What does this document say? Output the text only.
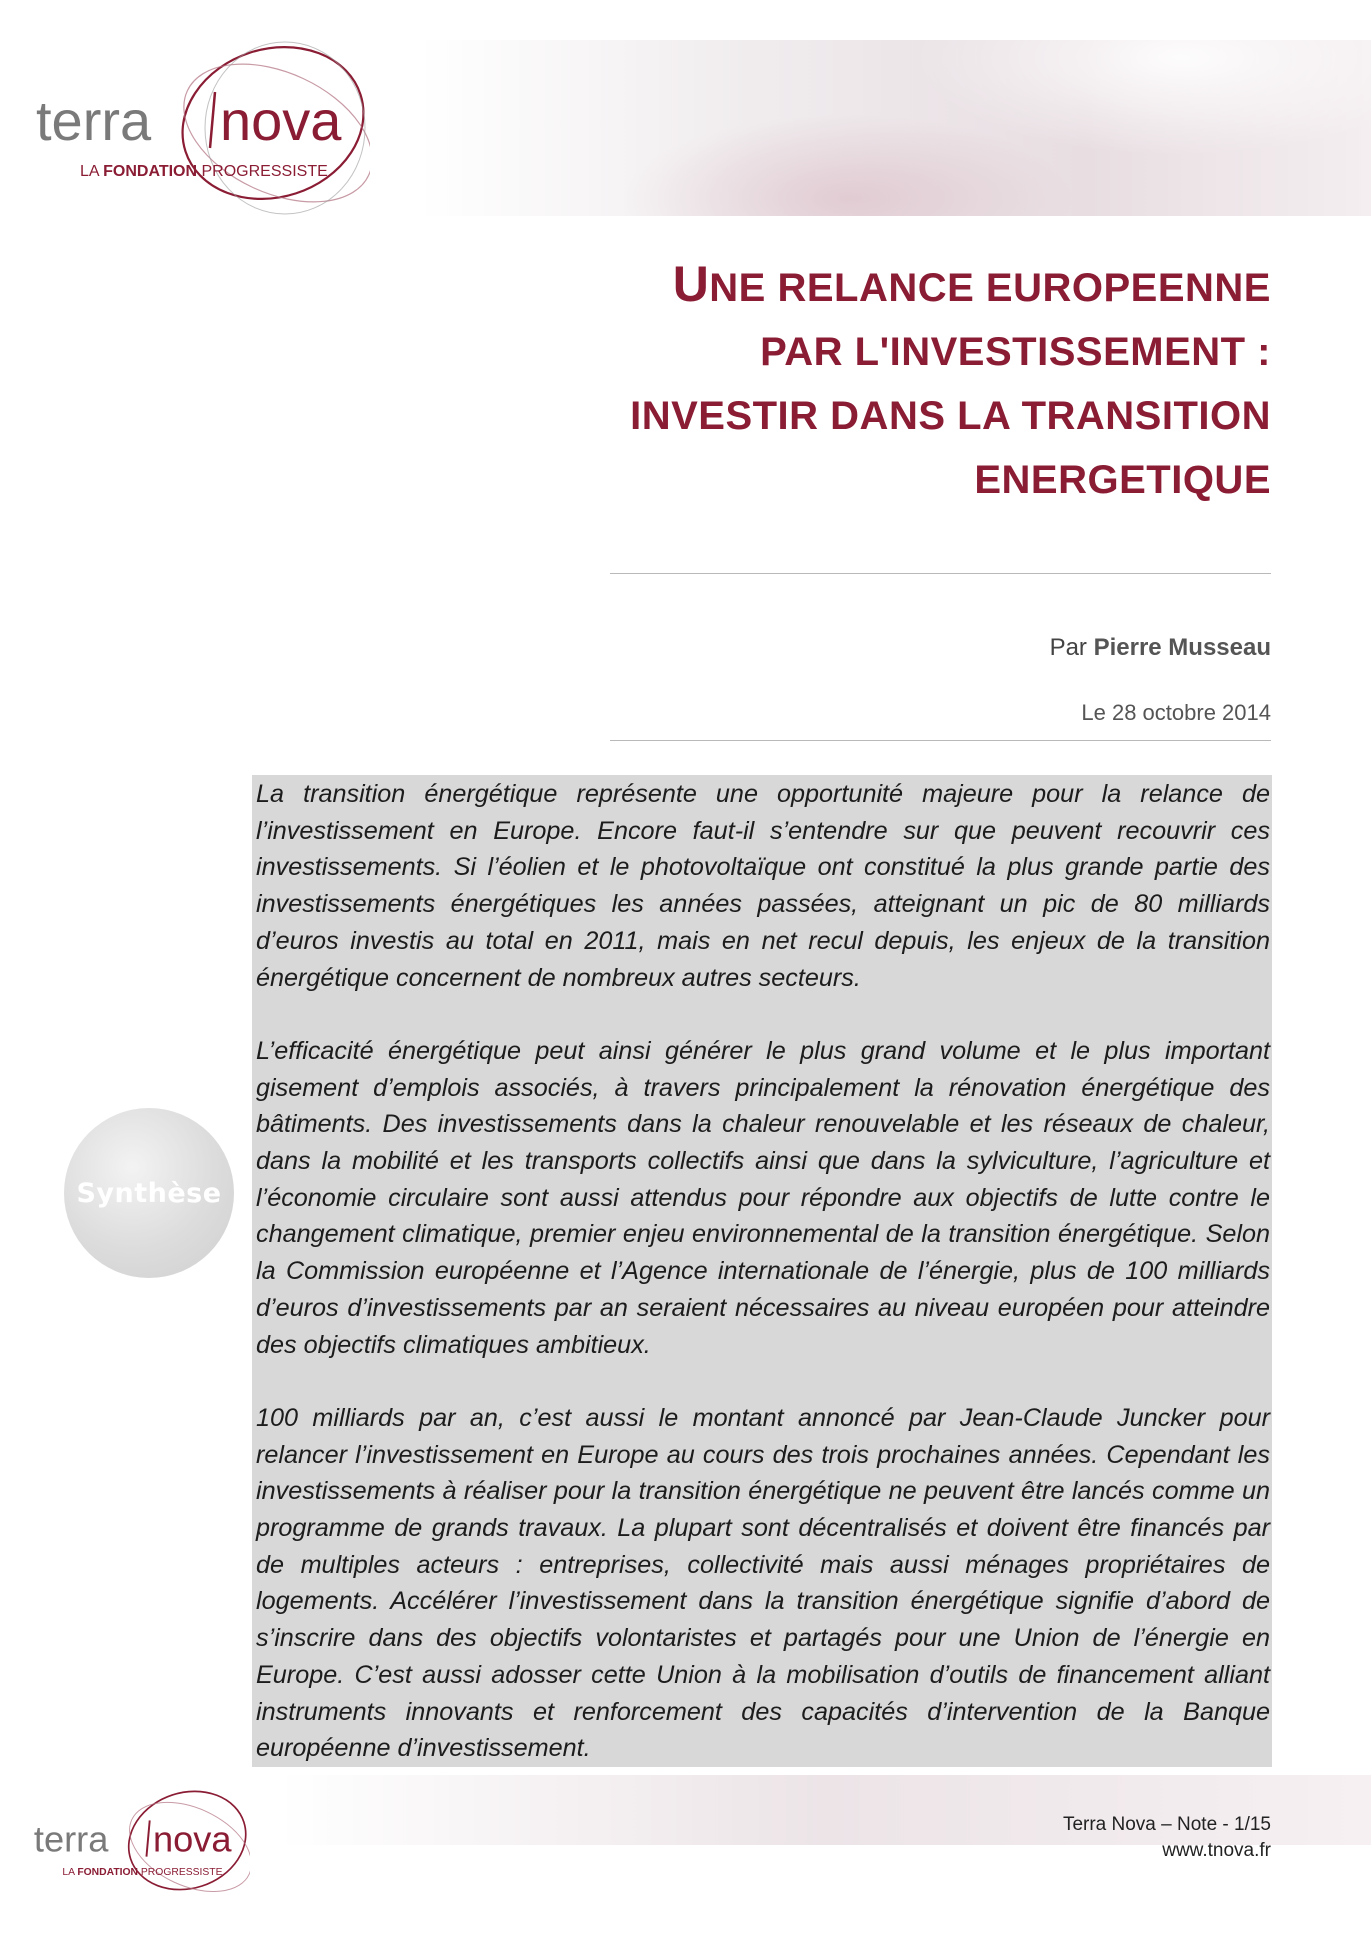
terra nova
LA FONDATION PROGRESSISTE
UNE RELANCE EUROPEENNE
PAR L'INVESTISSEMENT :
INVESTIR DANS LA TRANSITION
ENERGETIQUE
Par Pierre Musseau
Le 28 octobre 2014
Synthèse

La transition énergétique représente une opportunité majeure pour la relance de l’investissement en Europe. Encore faut-il s’entendre sur que peuvent recouvrir ces investissements. Si l’éolien et le photovoltaïque ont constitué la plus grande partie des investissements énergétiques les années passées, atteignant un pic de 80 milliards d’euros investis au total en 2011, mais en net recul depuis, les enjeux de la transition énergétique concernent de nombreux autres secteurs.

L’efficacité énergétique peut ainsi générer le plus grand volume et le plus important gisement d’emplois associés, à travers principalement la rénovation énergétique des bâtiments. Des investissements dans la chaleur renouvelable et les réseaux de chaleur, dans la mobilité et les transports collectifs ainsi que dans la sylviculture, l’agriculture et l’économie circulaire sont aussi attendus pour répondre aux objectifs de lutte contre le changement climatique, premier enjeu environnemental de la transition énergétique. Selon la Commission européenne et l’Agence internationale de l’énergie, plus de 100 milliards d’euros d’investissements par an seraient nécessaires au niveau européen pour atteindre des objectifs climatiques ambitieux.

100 milliards par an, c’est aussi le montant annoncé par Jean-Claude Juncker pour relancer l’investissement en Europe au cours des trois prochaines années. Cependant les investissements à réaliser pour la transition énergétique ne peuvent être lancés comme un programme de grands travaux. La plupart sont décentralisés et doivent être financés par de multiples acteurs : entreprises, collectivité mais aussi ménages propriétaires de logements. Accélérer l’investissement dans la transition énergétique signifie d’abord de s’inscrire dans des objectifs volontaristes et partagés pour une Union de l’énergie en Europe. C’est aussi adosser cette Union à la mobilisation d’outils de financement alliant instruments innovants et renforcement des capacités d’intervention de la Banque européenne d’investissement.

terra nova
LA FONDATION PROGRESSISTE
Terra Nova – Note - 1/15
www.tnova.fr
